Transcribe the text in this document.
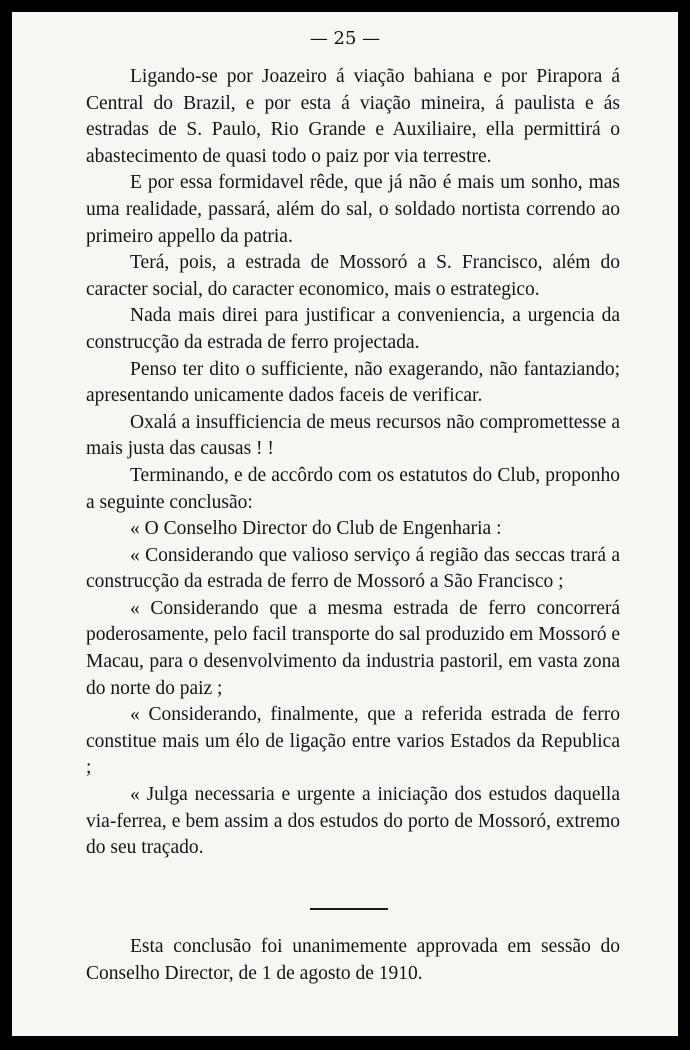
— 25 —

Ligando-se por Joazeiro á viação bahiana e por Pirapora á Central do Brazil, e por esta á viação mineira, á paulista e ás estradas de S. Paulo, Rio Grande e Auxiliaire, ella permittirá o abastecimento de quasi todo o paiz por via terrestre.

E por essa formidavel rêde, que já não é mais um sonho, mas uma realidade, passará, além do sal, o soldado nortista correndo ao primeiro appello da patria.

Terá, pois, a estrada de Mossoró a S. Francisco, além do caracter social, do caracter economico, mais o estrategico.

Nada mais direi para justificar a conveniencia, a urgencia da construcção da estrada de ferro projectada.

Penso ter dito o sufficiente, não exagerando, não fantaziando; apresentando unicamente dados faceis de verificar.

Oxalá a insufficiencia de meus recursos não compromettesse a mais justa das causas ! !

Terminando, e de accôrdo com os estatutos do Club, proponho a seguinte conclusão:

« O Conselho Director do Club de Engenharia :

« Considerando que valioso serviço á região das seccas trará a construcção da estrada de ferro de Mossoró a São Francisco ;

« Considerando que a mesma estrada de ferro concorrerá poderosamente, pelo facil transporte do sal produzido em Mossoró e Macau, para o desenvolvimento da industria pastoril, em vasta zona do norte do paiz ;

« Considerando, finalmente, que a referida estrada de ferro constitue mais um élo de ligação entre varios Estados da Republica ;

« Julga necessaria e urgente a iniciação dos estudos daquella via-ferrea, e bem assim a dos estudos do porto de Mossoró, extremo do seu traçado.

Esta conclusão foi unanimemente approvada em sessão do Conselho Director, de 1 de agosto de 1910.
